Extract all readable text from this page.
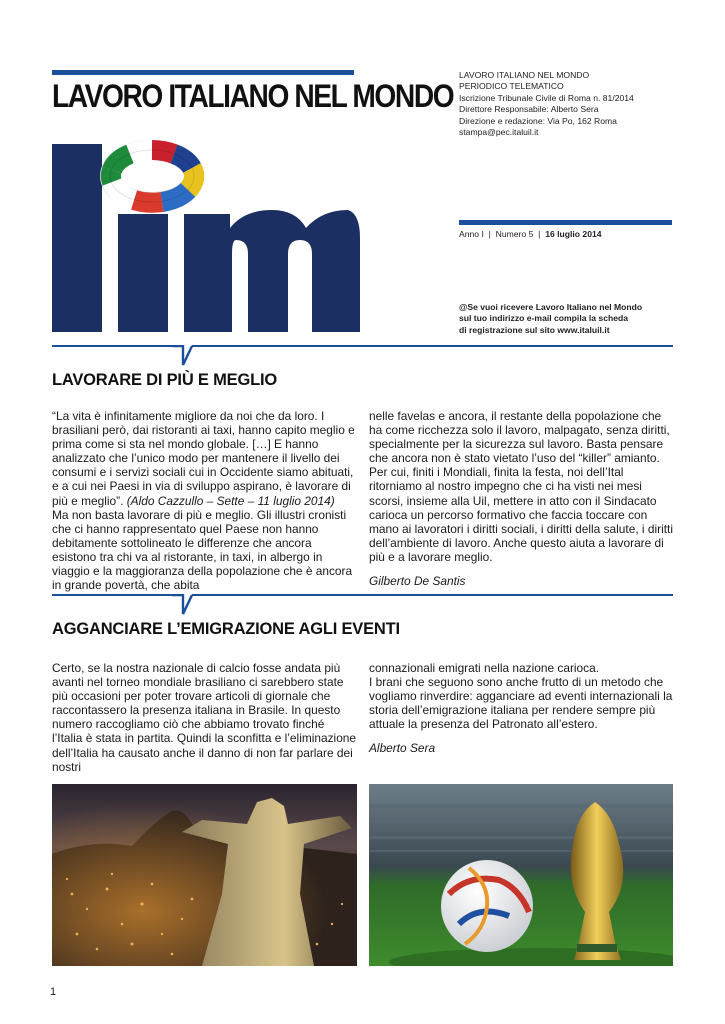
LAVORO ITALIANO NEL MONDO
LAVORO ITALIANO NEL MONDO
PERIODICO TELEMATICO
Iscrizione Tribunale Civile di Roma n. 81/2014
Direttore Responsabile: Alberto Sera
Direzione e redazione: Via Po, 162 Roma
stampa@pec.italuil.it
Anno I  |  Numero 5  |  16 luglio 2014
@Se vuoi ricevere Lavoro Italiano nel Mondo
sul tuo indirizzo e-mail compila la scheda
di registrazione sul sito www.italuil.it
LAVORARE DI PIÙ E MEGLIO

“La vita è infinitamente migliore da noi che da loro. I brasiliani però, dai ristoranti ai taxi, hanno capito meglio e prima come si sta nel mondo globale. […] E hanno analizzato che l’unico modo per mantenere il livello dei consumi e i servizi sociali cui in Occidente siamo abituati, e a cui nei Paesi in via di sviluppo aspirano, è lavorare di più e meglio”. (Aldo Cazzullo – Sette – 11 luglio 2014)

Ma non basta lavorare di più e meglio. Gli illustri cronisti che ci hanno rappresentato quel Paese non hanno debitamente sottolineato le differenze che ancora esistono tra chi va al ristorante, in taxi, in albergo in viaggio e la maggioranza della popolazione che è ancora in grande povertà, che abita

nelle favelas e ancora, il restante della popolazione che ha come ricchezza solo il lavoro, malpagato, senza diritti, specialmente per la sicurezza sul lavoro. Basta pensare che ancora non è stato vietato l’uso del “killer” amianto.

Per cui, finiti i Mondiali, finita la festa, noi dell’Ital ritorniamo al nostro impegno che ci ha visti nei mesi scorsi, insieme alla Uil, mettere in atto con il Sindacato carioca un percorso formativo che faccia toccare con mano ai lavoratori i diritti sociali, i diritti della salute, i diritti dell’ambiente di lavoro. Anche questo aiuta a lavorare di più e a lavorare meglio.

Gilberto De Santis

AGGANCIARE L’EMIGRAZIONE AGLI EVENTI

Certo, se la nostra nazionale di calcio fosse andata più avanti nel torneo mondiale brasiliano ci sarebbero state più occasioni per poter trovare articoli di giornale che raccontassero la presenza italiana in Brasile. In questo numero raccogliamo ciò che abbiamo trovato finché l’Italia è stata in partita. Quindi la sconfitta e l’eliminazione dell’Italia ha causato anche il danno di non far parlare dei nostri

connazionali emigrati nella nazione carioca.

I brani che seguono sono anche frutto di un metodo che vogliamo rinverdire: agganciare ad eventi internazionali la storia dell’emigrazione italiana per rendere sempre più attuale la presenza del Patronato all’estero.

Alberto Sera

1
